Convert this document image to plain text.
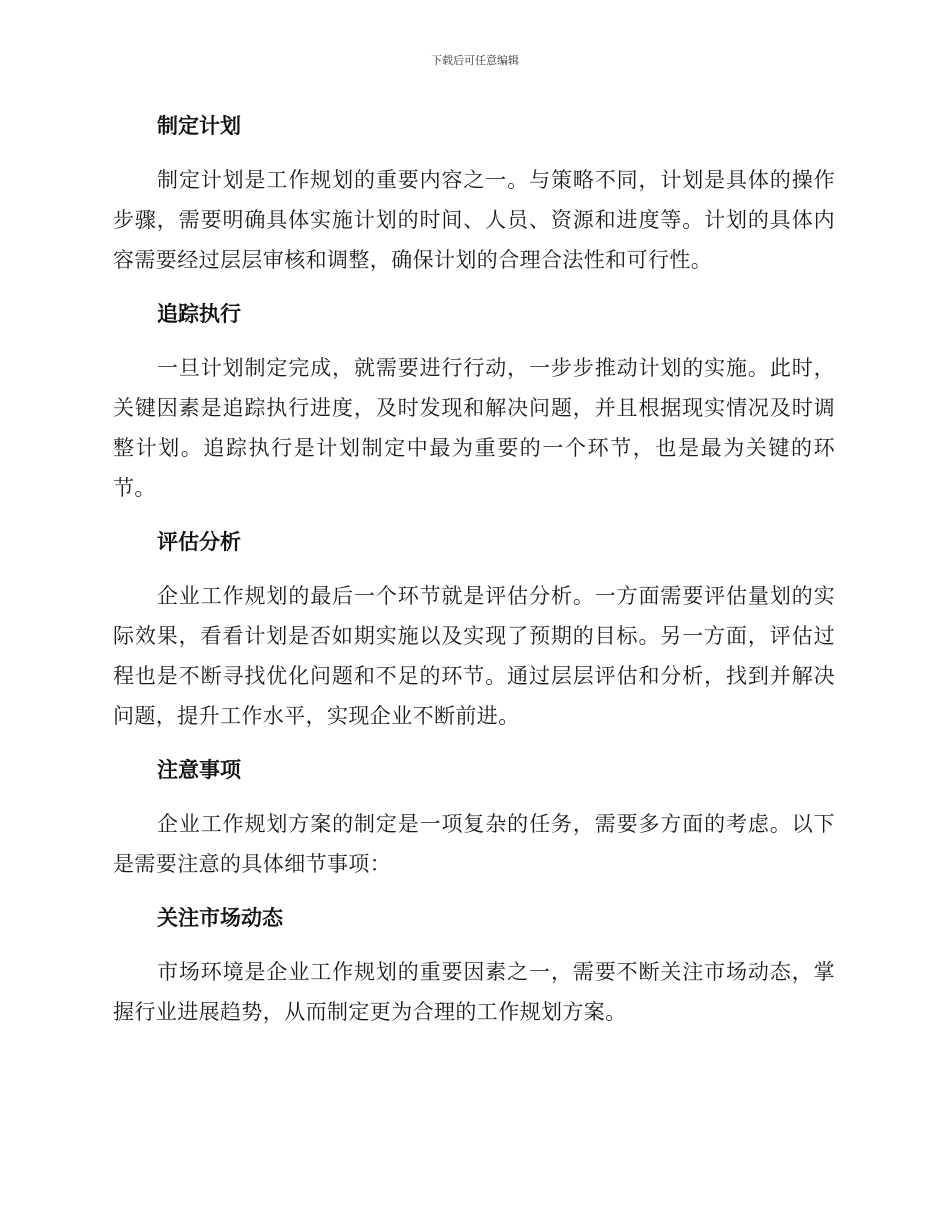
下载后可任意编辑
制定计划

制定计划是工作规划的重要内容之一。与策略不同，计划是具体的操作步骤，需要明确具体实施计划的时间、人员、资源和进度等。计划的具体内容需要经过层层审核和调整，确保计划的合理合法性和可行性。

追踪执行

一旦计划制定完成，就需要进行行动，一步步推动计划的实施。此时，关键因素是追踪执行进度，及时发现和解决问题，并且根据现实情况及时调整计划。追踪执行是计划制定中最为重要的一个环节，也是最为关键的环节。

评估分析

企业工作规划的最后一个环节就是评估分析。一方面需要评估量划的实际效果，看看计划是否如期实施以及实现了预期的目标。另一方面，评估过程也是不断寻找优化问题和不足的环节。通过层层评估和分析，找到并解决问题，提升工作水平，实现企业不断前进。

注意事项

企业工作规划方案的制定是一项复杂的任务，需要多方面的考虑。以下是需要注意的具体细节事项：

关注市场动态

市场环境是企业工作规划的重要因素之一，需要不断关注市场动态，掌握行业进展趋势，从而制定更为合理的工作规划方案。
